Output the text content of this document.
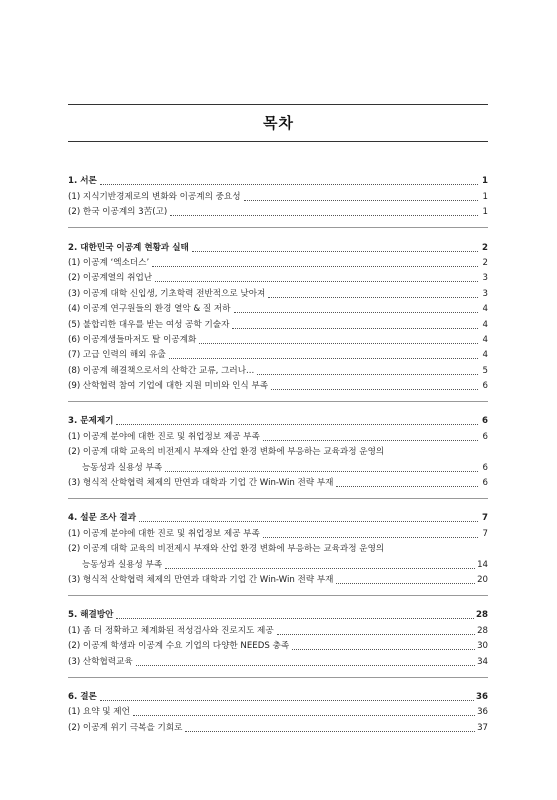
목차
1. 서론	1
(1) 지식기반경제로의 변화와 이공계의 중요성	1
(2) 한국 이공계의 3苦(고)	1
2. 대한민국 이공계 현황과 실태	2
(1) 이공계 ‘엑소더스’	2
(2) 이공계열의 취업난	3
(3) 이공계 대학 신입생, 기초학력 전반적으로 낮아져	3
(4) 이공계 연구원들의 환경 열악 & 질 저하	4
(5) 불합리한 대우를 받는 여성 공학 기술자	4
(6) 이공계생들마저도 탈 이공계화	4
(7) 고급 인력의 해외 유출	4
(8) 이공계 해결책으로서의 산학간 교류, 그러나...	5
(9) 산학협력 참여 기업에 대한 지원 미비와 인식 부족	6
3. 문제제기	6
(1) 이공계 분야에 대한 진로 및 취업정보 제공 부족	6
(2) 이공계 대학 교육의 비전제시 부재와 산업 환경 변화에 부응하는 교육과정 운영의
능동성과 실용성 부족	6
(3) 형식적 산학협력 체제의 만연과 대학과 기업 간 Win-Win 전략 부재	6
4. 설문 조사 결과	7
(1) 이공계 분야에 대한 진로 및 취업정보 제공 부족	7
(2) 이공계 대학 교육의 비전제시 부재와 산업 환경 변화에 부응하는 교육과정 운영의
능동성과 실용성 부족	14
(3) 형식적 산학협력 체제의 만연과 대학과 기업 간 Win-Win 전략 부재	20
5. 해결방안	28
(1) 좀 더 정확하고 체계화된 적성검사와 진로지도 제공	28
(2) 이공계 학생과 이공계 수요 기업의 다양한 NEEDS 충족	30
(3) 산학협력교육	34
6. 결론	36
(1) 요약 및 제언	36
(2) 이공계 위기 극복을 기회로	37
